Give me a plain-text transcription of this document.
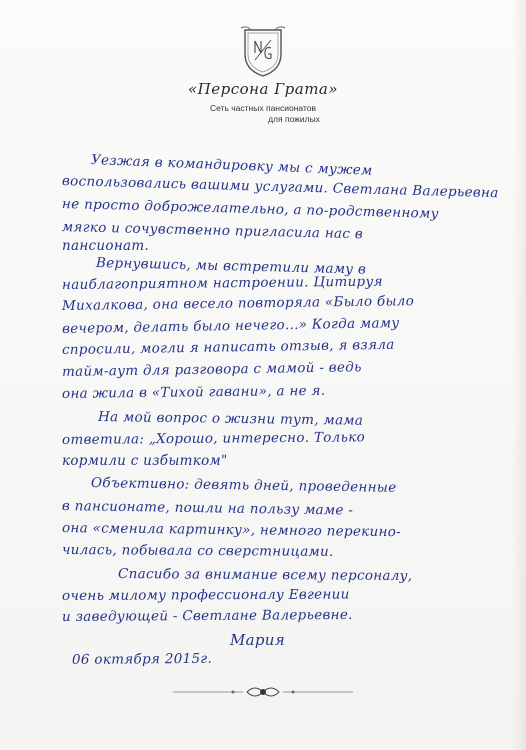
«Персона Грата»
Сеть частных пансионатов
для пожилых
Уезжая в командировку мы с мужем
воспользовались вашими услугами. Светлана Валерьевна
не просто доброжелательно, а по-родственному
мягко и сочувственно пригласила нас в
пансионат.
Вернувшись, мы встретили маму в
наиблагоприятном настроении. Цитируя
Михалкова, она весело повторяла «Было было
вечером, делать было нечего...» Когда маму
спросили, могли я написать отзыв, я взяла
тайм-аут для разговора с мамой - ведь
она жила в «Тихой гавани», а не я.
На мой вопрос о жизни тут, мама
ответила: „Хорошо, интересно. Только
кормили с избытком"
Объективно: девять дней, проведенные
в пансионате, пошли на пользу маме -
она «сменила картинку», немного перекино-
чилась, побывала со сверстницами.
Спасибо за внимание всему персоналу,
очень милому профессионалу Евгении
и заведующей - Светлане Валерьевне.
Мария
06 октября 2015г.
